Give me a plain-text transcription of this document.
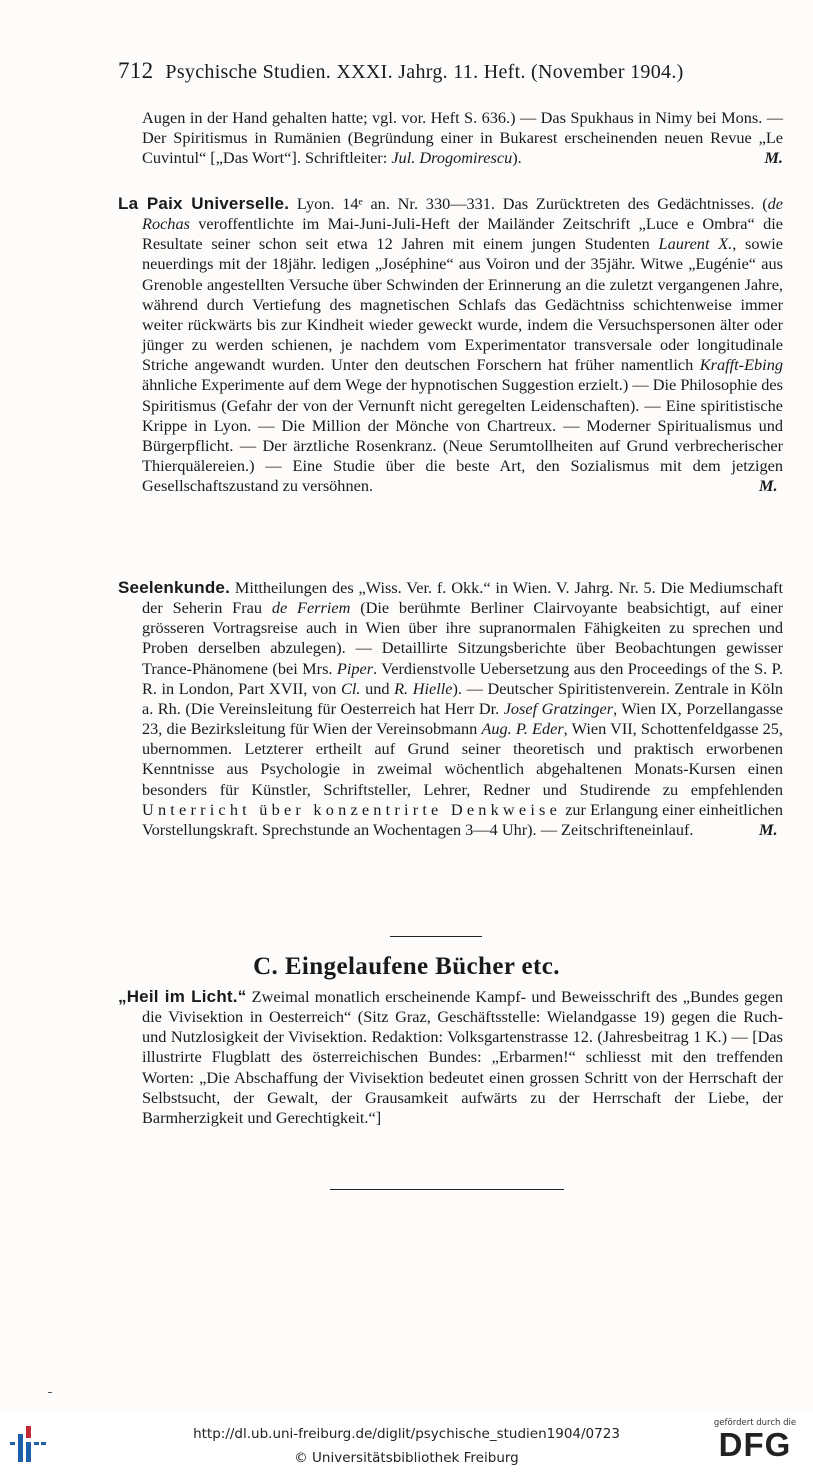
712 Psychische Studien. XXXI. Jahrg. 11. Heft. (November 1904.)

Augen in der Hand gehalten hatte; vgl. vor. Heft S. 636.) — Das Spukhaus in Nimy bei Mons. — Der Spiritismus in Rumänien (Begründung einer in Bukarest erscheinenden neuen Revue „Le Cuvintul“ [„Das Wort“]. Schriftleiter: Jul. Drogomirescu).	M.

La Paix Universelle. Lyon. 14ᵉ an. Nr. 330—331. Das Zurücktreten des Gedächtnisses. (de Rochas veroffentlichte im Mai-Juni-Juli-Heft der Mailänder Zeitschrift „Luce e Ombra“ die Resultate seiner schon seit etwa 12 Jahren mit einem jungen Studenten Laurent X., sowie neuerdings mit der 18jähr. ledigen „Joséphine“ aus Voiron und der 35jähr. Witwe „Eugénie“ aus Grenoble angestellten Versuche über Schwinden der Erinnerung an die zuletzt vergangenen Jahre, während durch Vertiefung des magnetischen Schlafs das Gedächtniss schichtenweise immer weiter rückwärts bis zur Kindheit wieder geweckt wurde, indem die Versuchspersonen älter oder jünger zu werden schienen, je nachdem vom Experimentator transversale oder longitudinale Striche angewandt wurden. Unter den deutschen Forschern hat früher namentlich Krafft-Ebing ähnliche Experimente auf dem Wege der hypnotischen Suggestion erzielt.) — Die Philosophie des Spiritismus (Gefahr der von der Vernunft nicht geregelten Leidenschaften). — Eine spiritistische Krippe in Lyon. — Die Million der Mönche von Chartreux. — Moderner Spiritualismus und Bürgerpflicht. — Der ärztliche Rosenkranz. (Neue Serumtollheiten auf Grund verbrecherischer Thierquälereien.) — Eine Studie über die beste Art, den Sozialismus mit dem jetzigen Gesellschaftszustand zu versöhnen.	M.

Seelenkunde. Mittheilungen des „Wiss. Ver. f. Okk.“ in Wien. V. Jahrg. Nr. 5. Die Mediumschaft der Seherin Frau de Ferriem (Die berühmte Berliner Clairvoyante beabsichtigt, auf einer grösseren Vortragsreise auch in Wien über ihre supranormalen Fähigkeiten zu sprechen und Proben derselben abzulegen). — Detaillirte Sitzungsberichte über Beobachtungen gewisser Trance-Phänomene (bei Mrs. Piper. Verdienstvolle Uebersetzung aus den Proceedings of the S. P. R. in London, Part XVII, von Cl. und R. Hielle). — Deutscher Spiritistenverein. Zentrale in Köln a. Rh. (Die Vereinsleitung für Oesterreich hat Herr Dr. Josef Gratzinger, Wien IX, Porzellangasse 23, die Bezirksleitung für Wien der Vereinsobmann Aug. P. Eder, Wien VII, Schottenfeldgasse 25, ubernommen. Letzterer ertheilt auf Grund seiner theoretisch und praktisch erworbenen Kenntnisse aus Psychologie in zweimal wöchentlich abgehaltenen Monats-Kursen einen besonders für Künstler, Schriftsteller, Lehrer, Redner und Studirende zu empfehlenden Unterricht über konzentrirte Denkweise zur Erlangung einer einheitlichen Vorstellungskraft. Sprechstunde an Wochentagen 3—4 Uhr). — Zeitschrifteneinlauf.	M.

C. Eingelaufene Bücher etc.

„Heil im Licht.“ Zweimal monatlich erscheinende Kampf- und Beweisschrift des „Bundes gegen die Vivisektion in Oesterreich“ (Sitz Graz, Geschäftsstelle: Wielandgasse 19) gegen die Ruch- und Nutzlosigkeit der Vivisektion. Redaktion: Volksgartenstrasse 12. (Jahresbeitrag 1 K.) — [Das illustrirte Flugblatt des österreichischen Bundes: „Erbarmen!“ schliesst mit den treffenden Worten: „Die Abschaffung der Vivisektion bedeutet einen grossen Schritt von der Herrschaft der Selbstsucht, der Gewalt, der Grausamkeit aufwärts zu der Herrschaft der Liebe, der Barmherzigkeit und Gerechtigkeit.“]

http://dl.ub.uni-freiburg.de/diglit/psychische_studien1904/0723
© Universitätsbibliothek Freiburg
gefördert durch die
DFG
